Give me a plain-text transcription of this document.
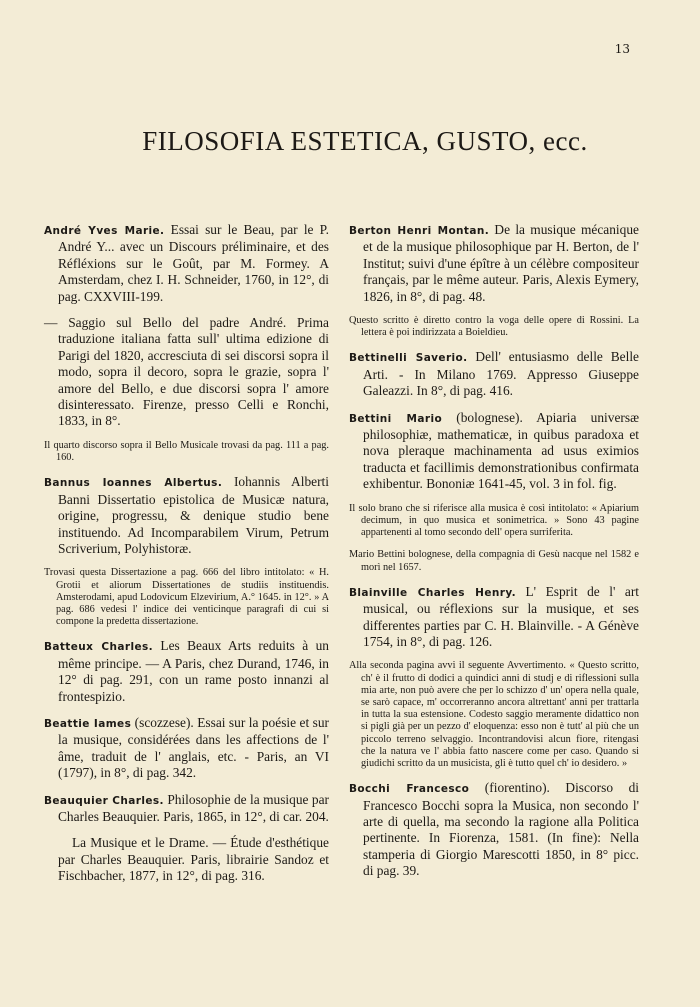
13
FILOSOFIA ESTETICA, GUSTO, ecc.

André Yves Marie. Essai sur le Beau, par le P. André Y... avec un Discours préliminaire, et des Réfléxions sur le Goût, par M. Formey. A Amsterdam, chez I. H. Schneider, 1760, in 12°, di pag. CXXVIII-199.

— Saggio sul Bello del padre André. Prima traduzione italiana fatta sull' ultima edizione di Parigi del 1820, accresciuta di sei discorsi sopra il modo, sopra il decoro, sopra le grazie, sopra l' amore del Bello, e due discorsi sopra l' amore disinteressato. Firenze, presso Celli e Ronchi, 1833, in 8°.

Il quarto discorso sopra il Bello Musicale trovasi da pag. 111 a pag. 160.

Bannus Ioannes Albertus. Iohannis Alberti Banni Dissertatio epistolica de Musicæ natura, origine, progressu, & denique studio bene instituendo. Ad Incomparabilem Virum, Petrum Scriverium, Polyhistoræ.

Trovasi questa Dissertazione a pag. 666 del libro intitolato: « H. Grotii et aliorum Dissertationes de studiis instituendis. Amsterodami, apud Lodovicum Elzevirium, A.° 1645. in 12°. » A pag. 686 vedesi l' indice dei venticinque paragrafi di cui si compone la predetta dissertazione.

Batteux Charles. Les Beaux Arts reduits à un même principe. — A Paris, chez Durand, 1746, in 12° di pag. 291, con un rame posto innanzi al frontespizio.

Beattie Iames (scozzese). Essai sur la poésie et sur la musique, considérées dans les affections de l' âme, traduit de l' anglais, etc. - Paris, an VI (1797), in 8°, di pag. 342.

Beauquier Charles. Philosophie de la musique par Charles Beauquier. Paris, 1865, in 12°, di car. 204.

La Musique et le Drame. — Étude d'esthétique par Charles Beauquier. Paris, librairie Sandoz et Fischbacher, 1877, in 12°, di pag. 316.

Berton Henri Montan. De la musique mécanique et de la musique philosophique par H. Berton, de l' Institut; suivi d'une épître à un célèbre compositeur français, par le même auteur. Paris, Alexis Eymery, 1826, in 8°, di pag. 48.

Questo scritto è diretto contro la voga delle opere di Rossini. La lettera è poi indirizzata a Boieldieu.

Bettinelli Saverio. Dell' entusiasmo delle Belle Arti. - In Milano 1769. Appresso Giuseppe Galeazzi. In 8°, di pag. 416.

Bettini Mario (bolognese). Apiaria universæ philosophiæ, mathematicæ, in quibus paradoxa et nova pleraque machinamenta ad usus eximios traducta et facillimis demonstrationibus confirmata exhibentur. Bononiæ 1641-45, vol. 3 in fol. fig.

Il solo brano che si riferisce alla musica è così intitolato: « Apiarium decimum, in quo musica et sonimetrica. » Sono 43 pagine appartenenti al tomo secondo dell' opera surriferita.

Mario Bettini bolognese, della compagnia di Gesù nacque nel 1582 e morì nel 1657.

Blainville Charles Henry. L' Esprit de l' art musical, ou réflexions sur la musique, et ses differentes parties par C. H. Blainville. - A Génève 1754, in 8°, di pag. 126.

Alla seconda pagina avvi il seguente Avvertimento. « Questo scritto, ch' è il frutto di dodici a quindici anni di studj e di riflessioni sulla mia arte, non può avere che per lo schizzo d' un' opera nella quale, se sarò capace, m' occorreranno ancora altrettant' anni per trattarla in tutta la sua estensione. Codesto saggio meramente didattico non si pigli già per un pezzo d' eloquenza: esso non è tutt' al più che un piccolo terreno selvaggio. Incontrandovisi alcun fiore, ritengasi che la natura ve l' abbia fatto nascere come per caso. Quando si giudichi scritto da un musicista, gli è tutto quel ch' io desidero. »

Bocchi Francesco (fiorentino). Discorso di Francesco Bocchi sopra la Musica, non secondo l' arte di quella, ma secondo la ragione alla Politica pertinente. In Fiorenza, 1581. (In fine): Nella stamperia di Giorgio Marescotti 1850, in 8° picc. di pag. 39.
